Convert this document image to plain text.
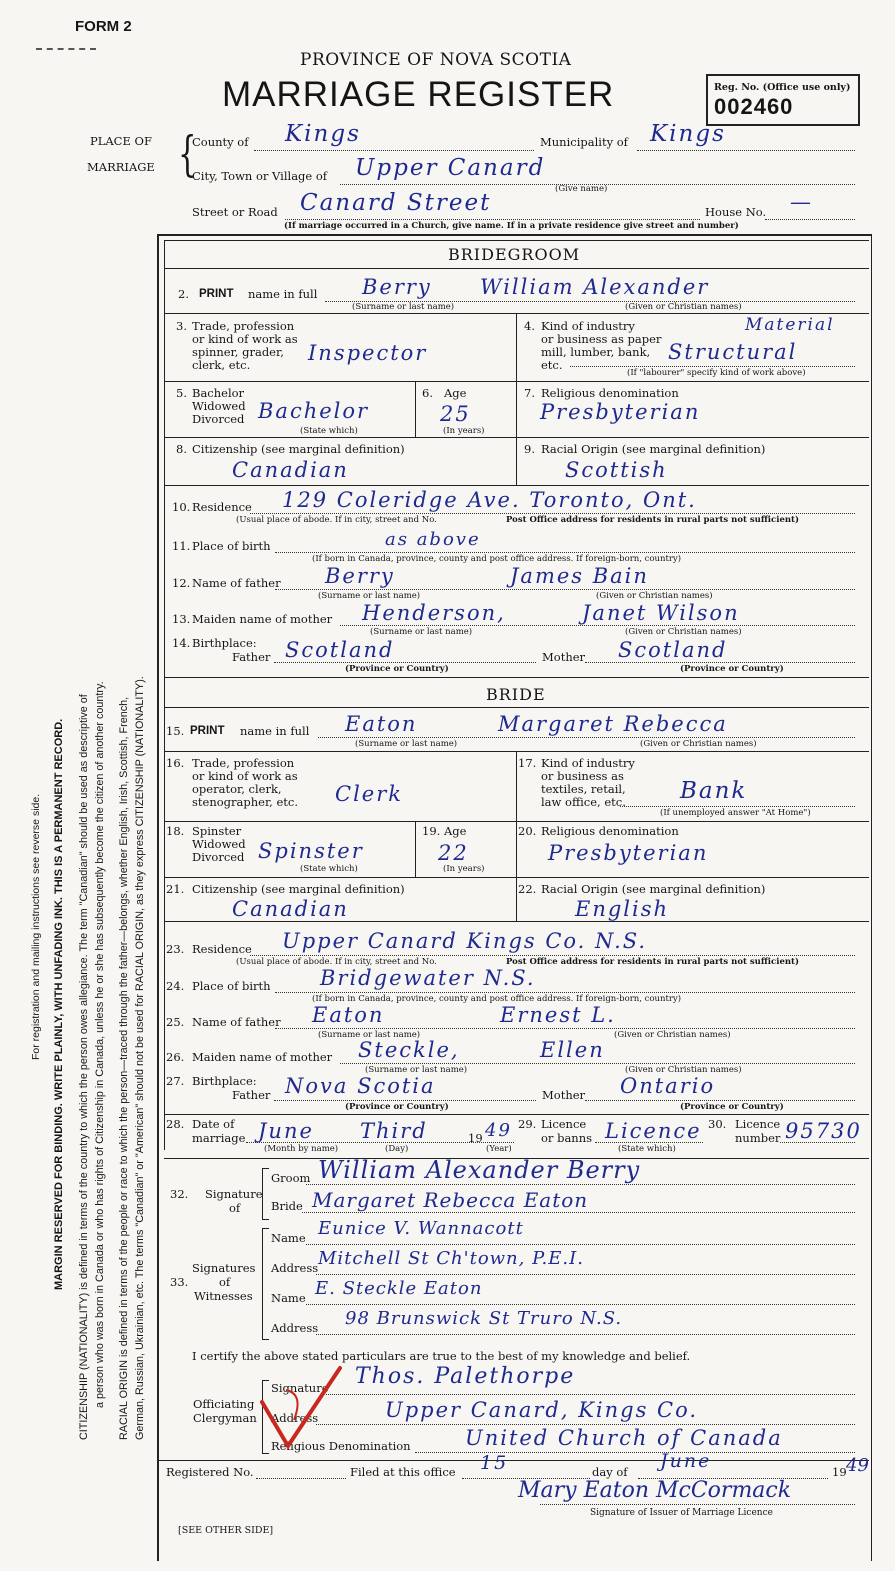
FORM 2
PROVINCE OF NOVA SCOTIA
MARRIAGE REGISTER	Reg. No. (Office use only)
002460
PLACE OF
MARRIAGE {
County of Kings	Municipality of Kings
City, Town or Village of Upper Canard
(Give name)
Street or Road Canard Street	House No. —
(If marriage occurred in a Church, give name. If in a private residence give street and number)
For registration and mailing instructions see reverse side. MARGIN RESERVED FOR BINDING. WRITE PLAINLY, WITH UNFADING INK. THIS IS A PERMANENT RECORD. CITIZENSHIP (NATIONALITY) is defined in terms of the country to which the person owes allegiance. The term "Canadian" should be used as descriptive of a person who was born in Canada or who has rights of Citizenship in Canada, unless he or she has subsequently become the citizen of another country. RACIAL ORIGIN is defined in terms of the people or race to which the person—traced through the father—belongs, whether English, Irish, Scottish, French, German, Russian, Ukrainian, etc. The terms "Canadian" or "American" should not be used for RACIAL ORIGIN, as they express CITIZENSHIP (NATIONALITY).
BRIDEGROOM
2. PRINT name in full Berry William Alexander
(Surname or last name)	(Given or Christian names)
3. Trade, profession
or kind of work as
spinner, grader,
clerk, etc.	Inspector
4. Kind of industry
or business as paper
mill, lumber, bank,
etc.
Material
Structural
(If "labourer" specify kind of work above)
5. Bachelor
Widowed
Divorced Bachelor
(State which)
6. Age
25
(In years)
7. Religious denomination
Presbyterian
8. Citizenship (see marginal definition)
Canadian
9. Racial Origin (see marginal definition)
Scottish
10. Residence 129 Coleridge Ave. Toronto, Ont.
(Usual place of abode. If in city, street and No.	Post Office address for residents in rural parts not sufficient)
11. Place of birth	as above
(If born in Canada, province, county and post office address. If foreign-born, country)
12. Name of father Berry	James Bain
(Surname or last name)	(Given or Christian names)
13. Maiden name of mother Henderson,	Janet Wilson
(Surname or last name)	(Given or Christian names)
14. Birthplace:
Father Scotland	Mother Scotland
(Province or Country)	(Province or Country)
BRIDE
15. PRINT name in full Eaton	Margaret Rebecca
(Surname or last name)	(Given or Christian names)
16. Trade, profession
or kind of work as
operator, clerk,
stenographer, etc. Clerk
17. Kind of industry
or business as
textiles, retail,
law office, etc.	Bank
(If unemployed answer "At Home")
18. Spinster
Widowed
Divorced Spinster
(State which)
19. Age
22
(In years)
20. Religious denomination
Presbyterian
21. Citizenship (see marginal definition)
Canadian
22. Racial Origin (see marginal definition)
English
23. Residence Upper Canard Kings Co. N.S.
(Usual place of abode. If in city, street and No.	Post Office address for residents in rural parts not sufficient)
24. Place of birth Bridgewater N.S.
(If born in Canada, province, county and post office address. If foreign-born, country)
25. Name of father Eaton	Ernest L.
(Surname or last name)	(Given or Christian names)
26. Maiden name of mother Steckle,	Ellen
(Surname or last name)	(Given or Christian names)
27. Birthplace:
Father Nova Scotia	Mother Ontario
(Province or Country)	(Province or Country)
28. Date of
marriage June Third	19 49
(Month by name)	(Day)	(Year)
29. Licence
or banns Licence
(State which)
30. Licence
number 95730
32. Signature
of
Groom William Alexander Berry
Bride Margaret Rebecca Eaton
33.
Signatures
of
Witnesses
Name Eunice V. Wannacott
Address Mitchell St Ch'town, P.E.I.
Name E. Steckle Eaton
Address 98 Brunswick St Truro N.S.
I certify the above stated particulars are true to the best of my knowledge and belief.
Officiating
Clergyman
Signature Thos. Palethorpe
Address	Upper Canard, Kings Co.
Religious Denomination	United Church of Canada
Registered No.	Filed at this office 15	day of June	19 49
Mary Eaton McCormack
Signature of Issuer of Marriage Licence
[SEE OTHER SIDE]
